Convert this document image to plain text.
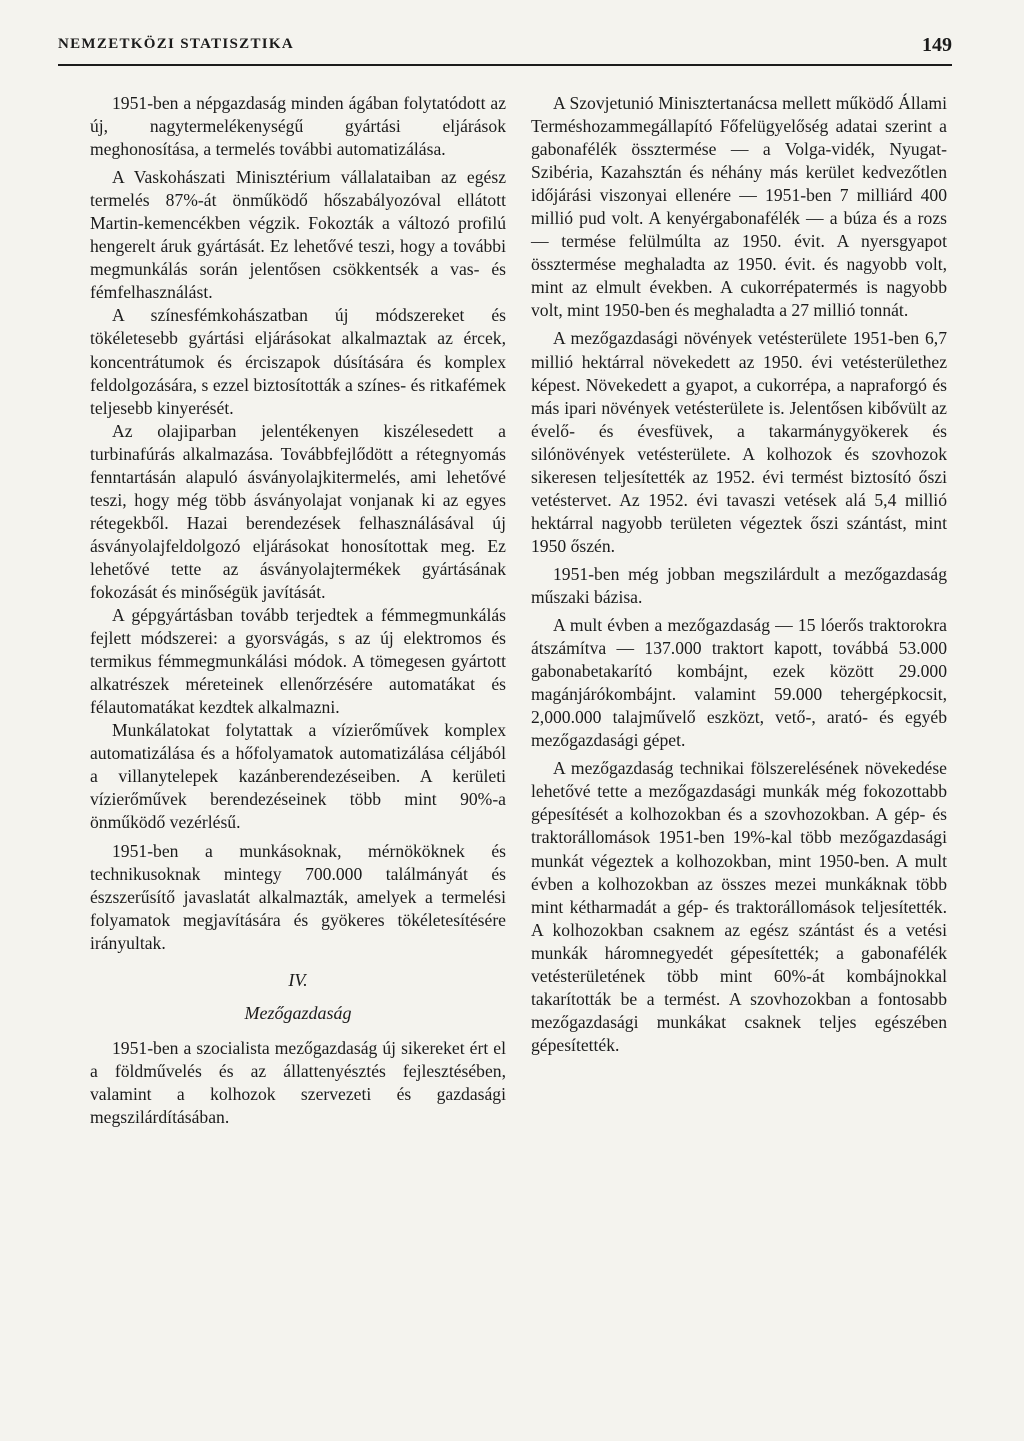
NEMZETKÖZI STATISZTIKA	149

1951-ben a népgazdaság minden ágában folytatódott az új, nagytermelékenységű gyártási eljárások meghonosítása, a termelés további automatizálása.

A Vaskohászati Minisztérium vállalataiban az egész termelés 87%-át önműködő hőszabályozóval ellátott Martin-kemencékben végzik. Fokozták a változó profilú hengerelt áruk gyártását. Ez lehetővé teszi, hogy a további megmunkálás során jelentősen csökkentsék a vas- és fémfelhasználást.

A színesfémkohászatban új módszereket és tökéletesebb gyártási eljárásokat alkalmaztak az ércek, koncentrátumok és érciszapok dúsítására és komplex feldolgozására, s ezzel biztosították a színes- és ritkafémek teljesebb kinyerését.

Az olajiparban jelentékenyen kiszélesedett a turbinafúrás alkalmazása. Továbbfejlődött a rétegnyomás fenntartásán alapuló ásványolajkitermelés, ami lehetővé teszi, hogy még több ásványolajat vonjanak ki az egyes rétegekből. Hazai berendezések felhasználásával új ásványolajfeldolgozó eljárásokat honosítottak meg. Ez lehetővé tette az ásványolajtermékek gyártásának fokozását és minőségük javítását.

A gépgyártásban tovább terjedtek a fémmegmunkálás fejlett módszerei: a gyorsvágás, s az új elektromos és termikus fémmegmunkálási módok. A tömegesen gyártott alkatrészek méreteinek ellenőrzésére automatákat és félautomatákat kezdtek alkalmazni.

Munkálatokat folytattak a vízierőművek komplex automatizálása és a hőfolyamatok automatizálása céljából a villanytelepek kazánberendezéseiben. A kerületi vízierőművek berendezéseinek több mint 90%-a önműködő vezérlésű.

1951-ben a munkásoknak, mérnököknek és technikusoknak mintegy 700.000 találmányát és észszerűsítő javaslatát alkalmazták, amelyek a termelési folyamatok megjavítására és gyökeres tökéletesítésére irányultak.

IV.
Mezőgazdaság

1951-ben a szocialista mezőgazdaság új sikereket ért el a földművelés és az állattenyésztés fejlesztésében, valamint a kolhozok szervezeti és gazdasági megszilárdításában.

A Szovjetunió Minisztertanácsa mellett működő Állami Terméshozammegállapító Főfelügyelőség adatai szerint a gabonafélék össztermése — a Volga-vidék, Nyugat-Szibéria, Kazahsztán és néhány más kerület kedvezőtlen időjárási viszonyai ellenére — 1951-ben 7 milliárd 400 millió pud volt. A kenyérgabonafélék — a búza és a rozs — termése felülmúlta az 1950. évit. A nyersgyapot össztermése meghaladta az 1950. évit. és nagyobb volt, mint az elmult években. A cukorrépatermés is nagyobb volt, mint 1950-ben és meghaladta a 27 millió tonnát.

A mezőgazdasági növények vetésterülete 1951-ben 6,7 millió hektárral növekedett az 1950. évi vetésterülethez képest. Növekedett a gyapot, a cukorrépa, a napraforgó és más ipari növények vetésterülete is. Jelentősen kibővült az évelő- és évesfüvek, a takarmánygyökerek és silónövények vetésterülete. A kolhozok és szovhozok sikeresen teljesítették az 1952. évi termést biztosító őszi vetéstervet. Az 1952. évi tavaszi vetések alá 5,4 millió hektárral nagyobb területen végeztek őszi szántást, mint 1950 őszén.

1951-ben még jobban megszilárdult a mezőgazdaság műszaki bázisa.

A mult évben a mezőgazdaság — 15 lóerős traktorokra átszámítva — 137.000 traktort kapott, továbbá 53.000 gabonabetakarító kombájnt, ezek között 29.000 magánjárókombájnt. valamint 59.000 tehergépkocsit, 2,000.000 talajművelő eszközt, vető-, arató- és egyéb mezőgazdasági gépet.

A mezőgazdaság technikai fölszerelésének növekedése lehetővé tette a mezőgazdasági munkák még fokozottabb gépesítését a kolhozokban és a szovhozokban. A gép- és traktorállomások 1951-ben 19%-kal több mezőgazdasági munkát végeztek a kolhozokban, mint 1950-ben. A mult évben a kolhozokban az összes mezei munkáknak több mint kétharmadát a gép- és traktorállomások teljesítették. A kolhozokban csaknem az egész szántást és a vetési munkák háromnegyedét gépesítették; a gabonafélék vetésterületének több mint 60%-át kombájnokkal takarították be a termést. A szovhozokban a fontosabb mezőgazdasági munkákat csaknek teljes egészében gépesítették.
